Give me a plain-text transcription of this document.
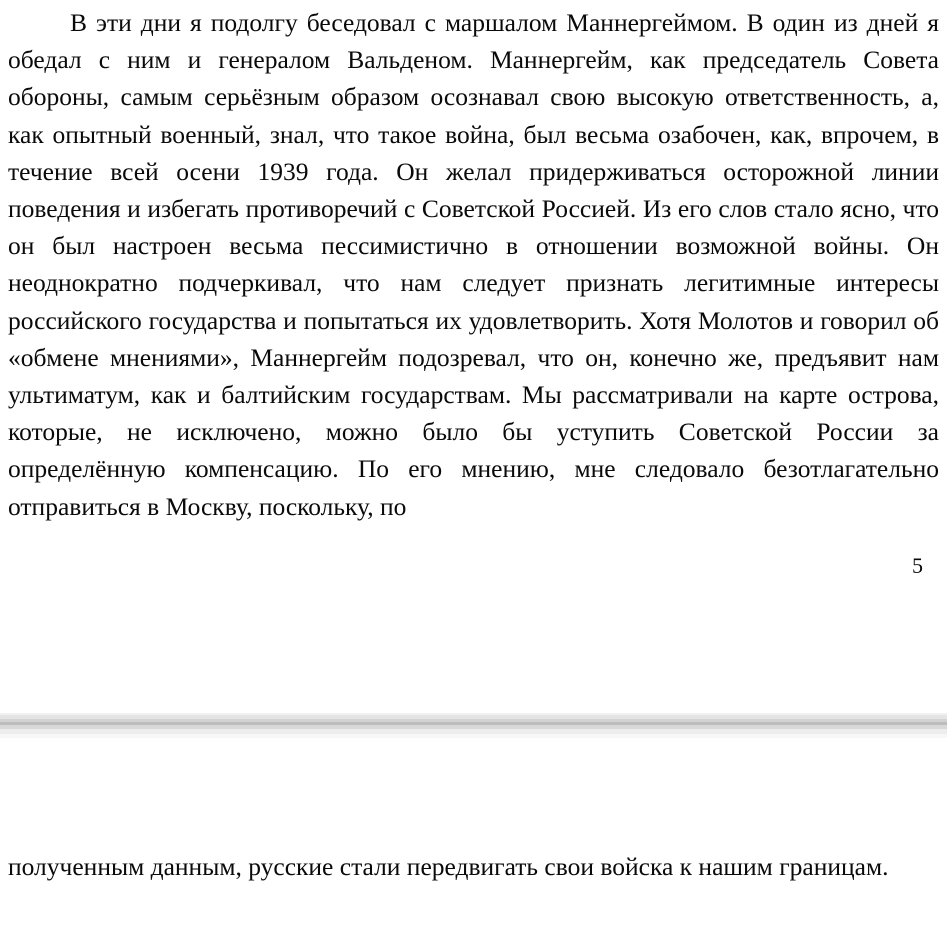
В эти дни я подолгу беседовал с маршалом Маннергеймом. В один из дней я обедал с ним и генералом Вальденом. Маннергейм, как председатель Совета обороны, самым серьёзным образом осознавал свою высокую ответственность, а, как опытный военный, знал, что такое война, был весьма озабочен, как, впрочем, в течение всей осени 1939 года. Он желал придерживаться осторожной линии поведения и избегать противоречий с Советской Россией. Из его слов стало ясно, что он был настроен весьма пессимистично в отношении возможной войны. Он неоднократно подчеркивал, что нам следует признать легитимные интересы российского государства и попытаться их удовлетворить. Хотя Молотов и говорил об «обмене мнениями», Маннергейм подозревал, что он, конечно же, предъявит нам ультиматум, как и балтийским государствам. Мы рассматривали на карте острова, которые, не исключено, можно было бы уступить Советской России за определённую компенсацию. По его мнению, мне следовало безотлагательно отправиться в Москву, поскольку, по

5

полученным данным, русские стали передвигать свои войска к нашим границам.
